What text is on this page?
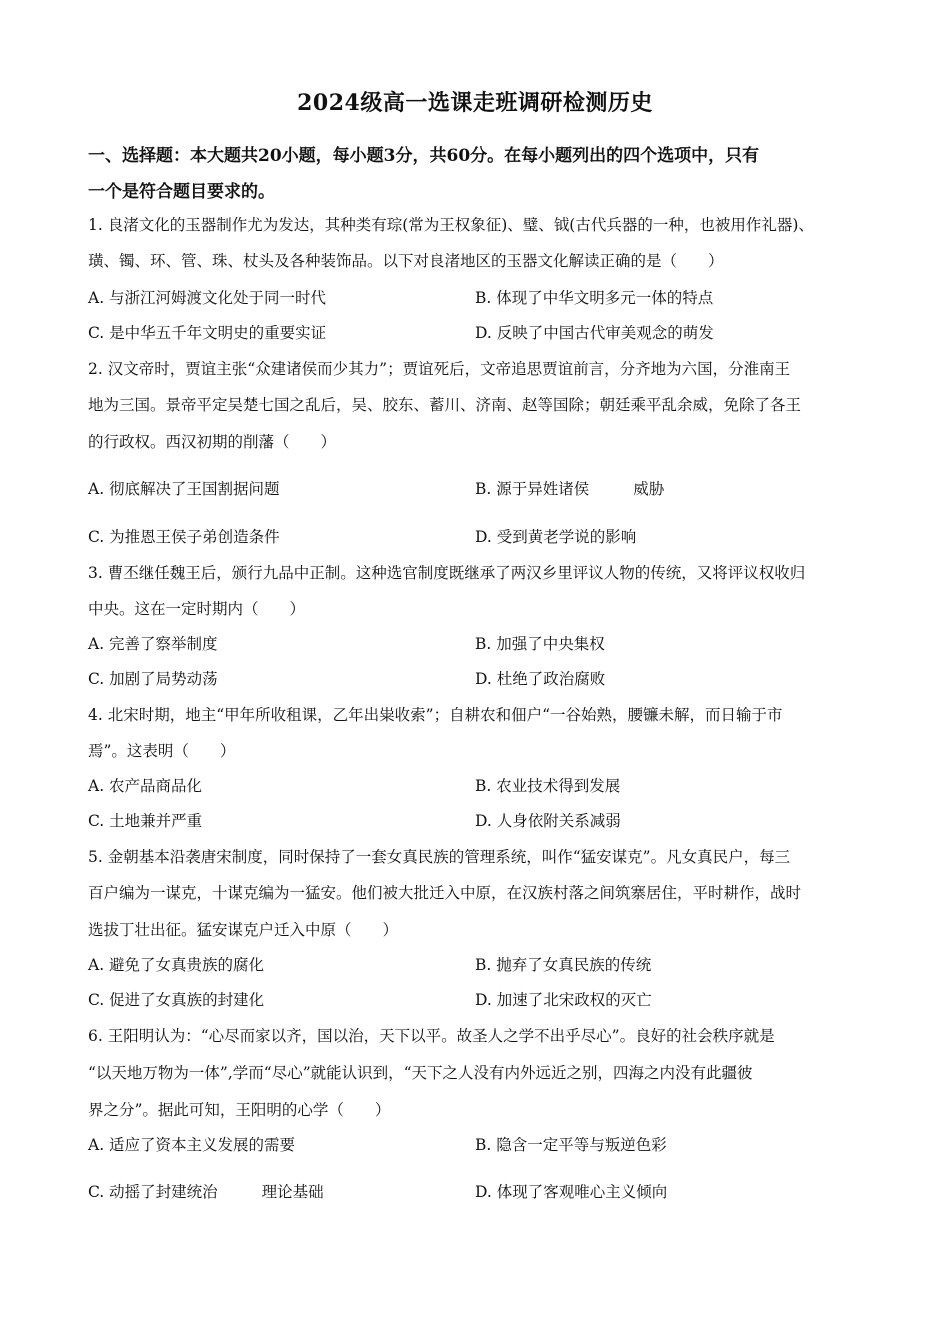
2024级高一选课走班调研检测历史
一、选择题：本大题共20小题，每小题3分，共60分。在每小题列出的四个选项中，只有
一个是符合题目要求的。
1. 良渚文化的玉器制作尤为发达，其种类有琮(常为王权象征)、璧、钺(古代兵器的一种，也被用作礼器)、
璜、镯、环、管、珠、杖头及各种装饰品。以下对良渚地区的玉器文化解读正确的是（　　）
A. 与浙江河姆渡文化处于同一时代	B. 体现了中华文明多元一体的特点
C. 是中华五千年文明史的重要实证	D. 反映了中国古代审美观念的萌发
2. 汉文帝时，贾谊主张“众建诸侯而少其力”；贾谊死后，文帝追思贾谊前言，分齐地为六国，分淮南王
地为三国。景帝平定吴楚七国之乱后，吴、胶东、蓄川、济南、赵等国除；朝廷乘平乱余威，免除了各王
的行政权。西汉初期的削藩（　　）
A. 彻底解决了王国割据问题	B. 源于异姓诸侯	威胁
C. 为推恩王侯子弟创造条件	D. 受到黄老学说的影响
3. 曹丕继任魏王后，颁行九品中正制。这种选官制度既继承了两汉乡里评议人物的传统，又将评议权收归
中央。这在一定时期内（　　）
A. 完善了察举制度	B. 加强了中央集权
C. 加剧了局势动荡	D. 杜绝了政治腐败
4. 北宋时期，地主“甲年所收租课，乙年出粜收索”；自耕农和佃户“一谷始熟，腰镰未解，而日输于市
焉”。这表明（　　）
A. 农产品商品化	B. 农业技术得到发展
C. 土地兼并严重	D. 人身依附关系减弱
5. 金朝基本沿袭唐宋制度，同时保持了一套女真民族的管理系统，叫作“猛安谋克”。凡女真民户，每三
百户编为一谋克，十谋克编为一猛安。他们被大批迁入中原，在汉族村落之间筑寨居住，平时耕作，战时
选拔丁壮出征。猛安谋克户迁入中原（　　）
A. 避免了女真贵族的腐化	B. 抛弃了女真民族的传统
C. 促进了女真族的封建化	D. 加速了北宋政权的灭亡
6. 王阳明认为：“心尽而家以齐，国以治，天下以平。故圣人之学不出乎尽心”。良好的社会秩序就是
“以天地万物为一体”,学而“尽心”就能认识到，“天下之人没有内外远近之别，四海之内没有此疆彼
界之分”。据此可知，王阳明的心学（　　）
A. 适应了资本主义发展的需要	B. 隐含一定平等与叛逆色彩
C. 动摇了封建统治	理论基础	D. 体现了客观唯心主义倾向
